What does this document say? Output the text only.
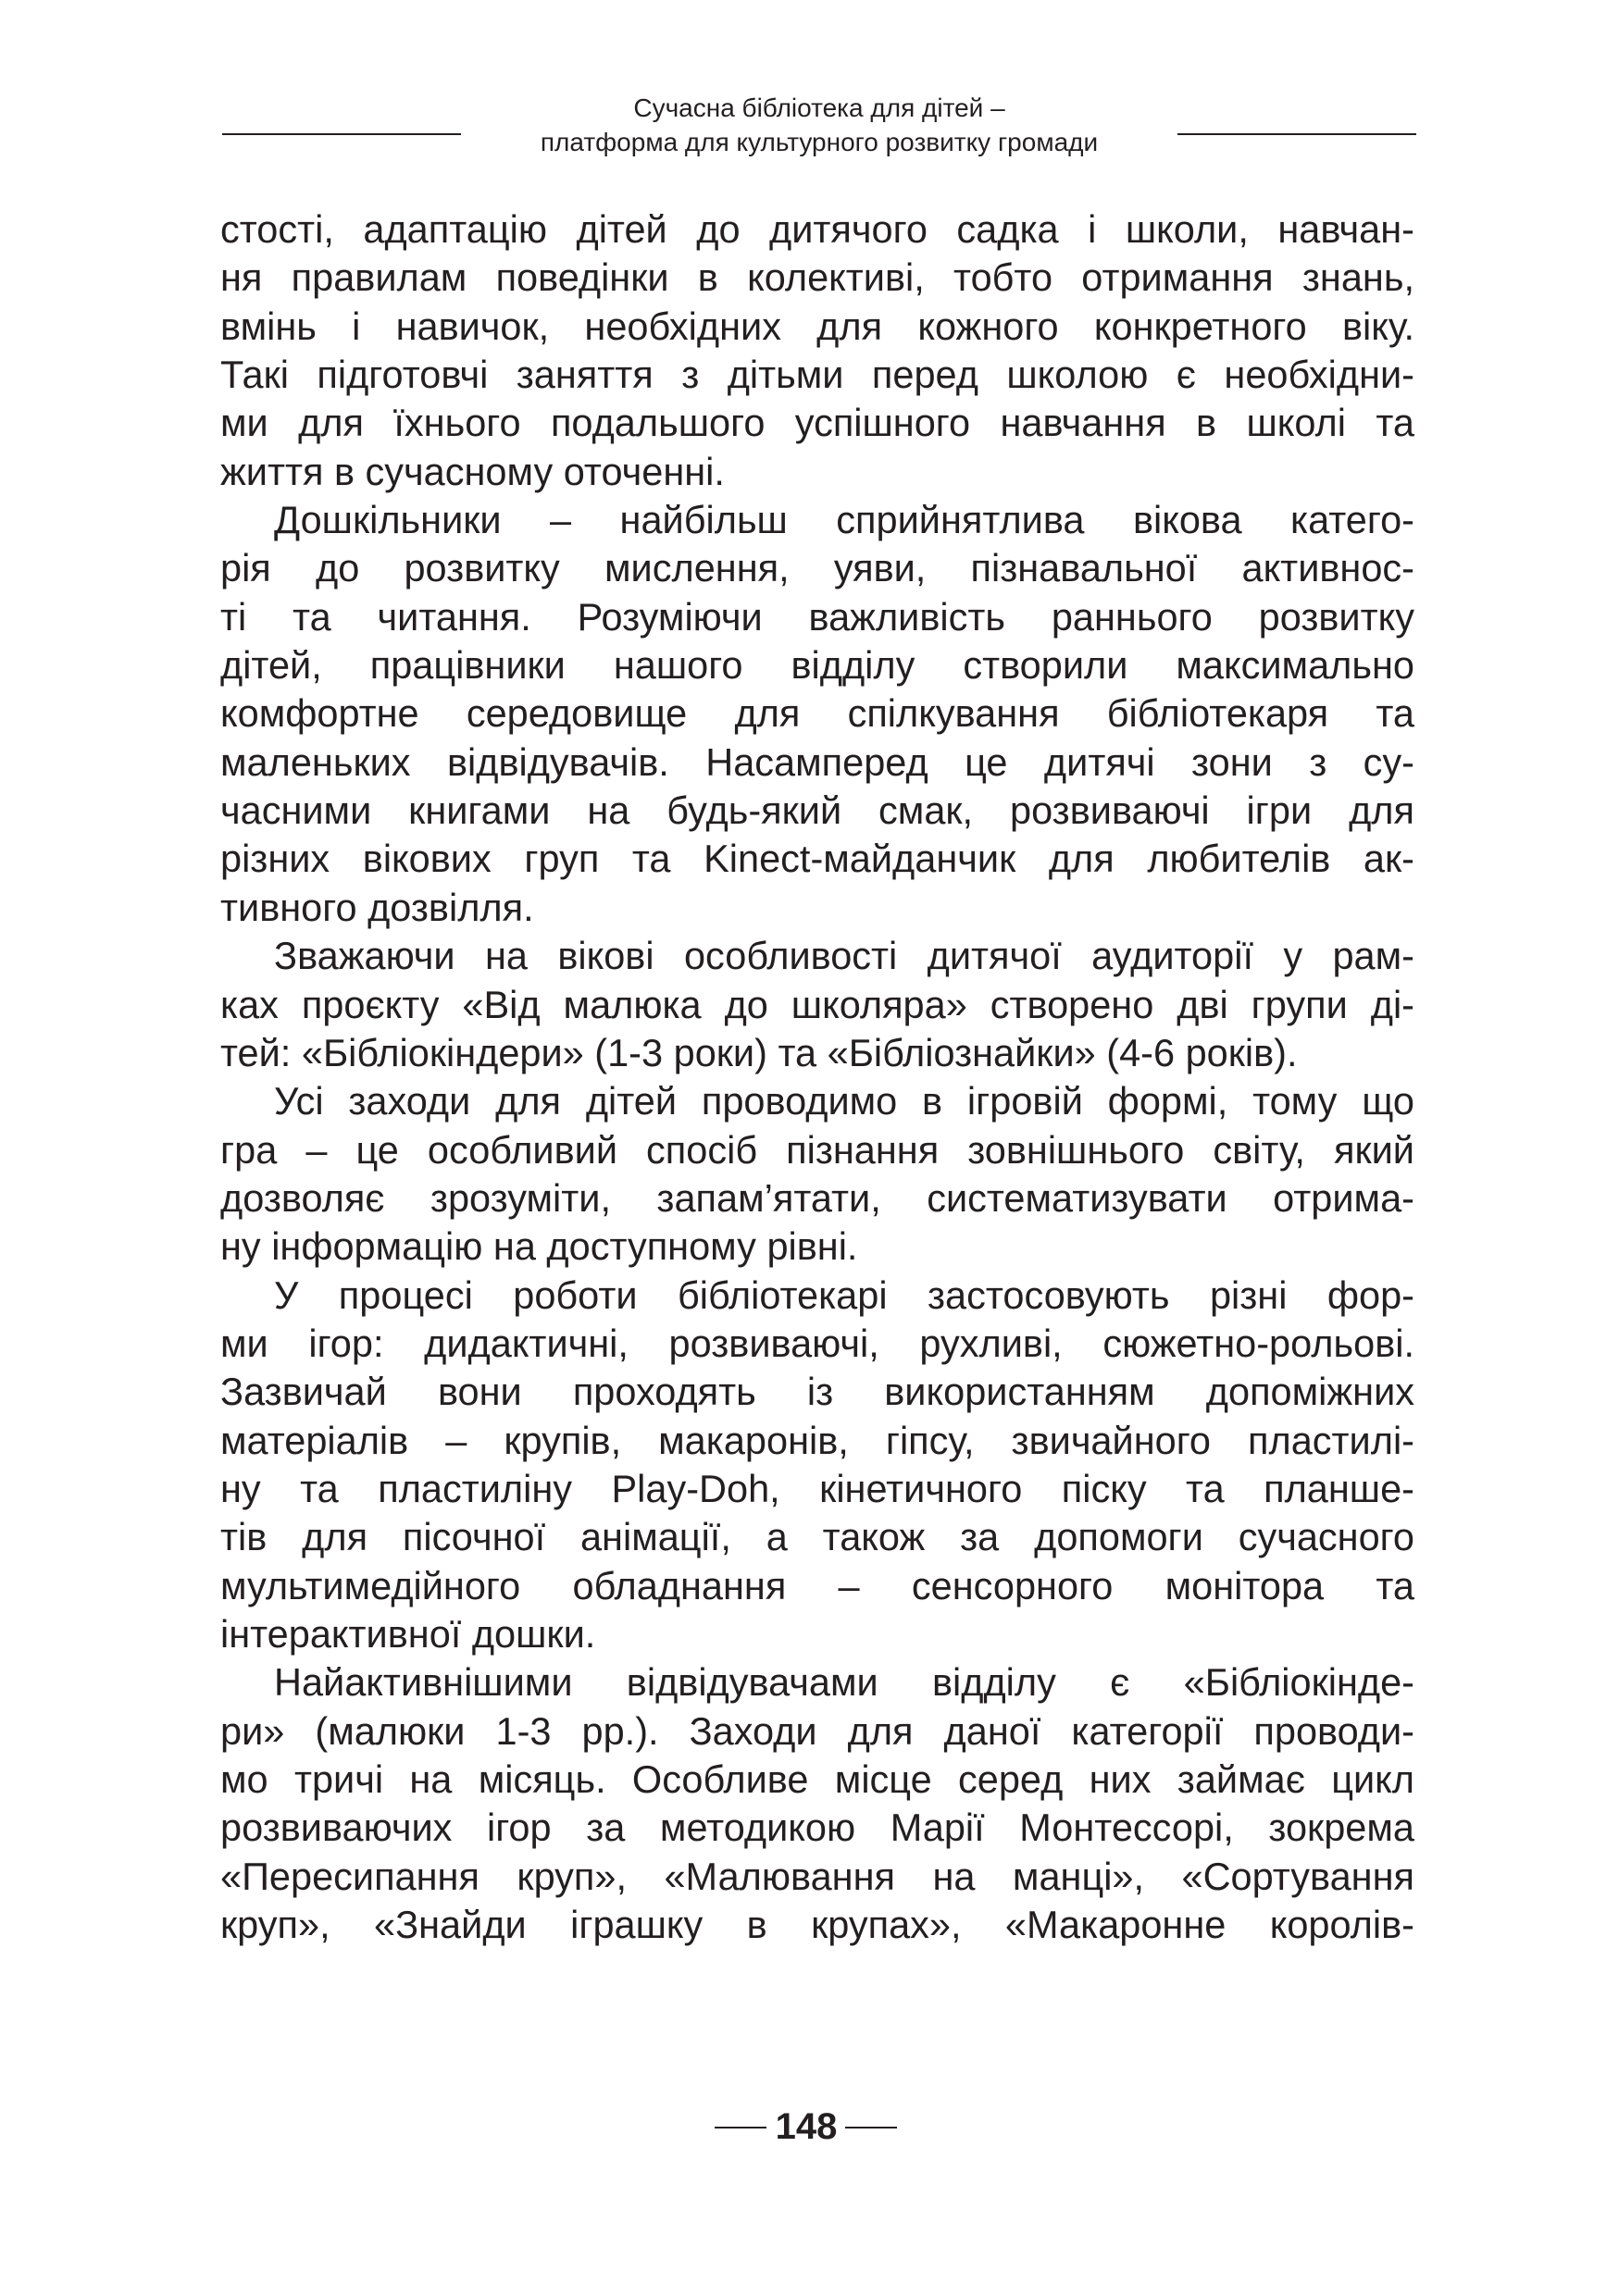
Сучасна бібліотека для дітей –
платформа для культурного розвитку громади
стості, адаптацію дітей до дитячого садка і школи, навчан-
ня правилам поведінки в колективі, тобто отримання знань,
вмінь і навичок, необхідних для кожного конкретного віку.
Такі підготовчі заняття з дітьми перед школою є необхідни-
ми для їхнього подальшого успішного навчання в школі та
життя в сучасному оточенні.
Дошкільники – найбільш сприйнятлива вікова катего-
рія до розвитку мислення, уяви, пізнавальної активнос-
ті та читання. Розуміючи важливість раннього розвитку
дітей, працівники нашого відділу створили максимально
комфортне середовище для спілкування бібліотекаря та
маленьких відвідувачів. Насамперед це дитячі зони з су-
часними книгами на будь-який смак, розвиваючі ігри для
різних вікових груп та Kinect-майданчик для любителів ак-
тивного дозвілля.
Зважаючи на вікові особливості дитячої аудиторії у рам-
ках проєкту «Від малюка до школяра» створено дві групи ді-
тей: «Бібліокіндери» (1-3 роки) та «Бібліознайки» (4-6 років).
Усі заходи для дітей проводимо в ігровій формі, тому що
гра – це особливий спосіб пізнання зовнішнього світу, який
дозволяє зрозуміти, запам’ятати, систематизувати отрима-
ну інформацію на доступному рівні.
У процесі роботи бібліотекарі застосовують різні фор-
ми ігор: дидактичні, розвиваючі, рухливі, сюжетно-рольові.
Зазвичай вони проходять із використанням допоміжних
матеріалів – крупів, макаронів, гіпсу, звичайного пластилі-
ну та пластиліну Play-Doh, кінетичного піску та планше-
тів для пісочної анімації, а також за допомоги сучасного
мультимедійного обладнання – сенсорного монітора та
інтерактивної дошки.
Найактивнішими відвідувачами відділу є «Бібліокінде-
ри» (малюки 1-3 рр.). Заходи для даної категорії проводи-
мо тричі на місяць. Особливе місце серед них займає цикл
розвиваючих ігор за методикою Марії Монтессорі, зокрема
«Пересипання круп», «Малювання на манці», «Сортування
круп», «Знайди іграшку в крупах», «Макаронне королів-
148
